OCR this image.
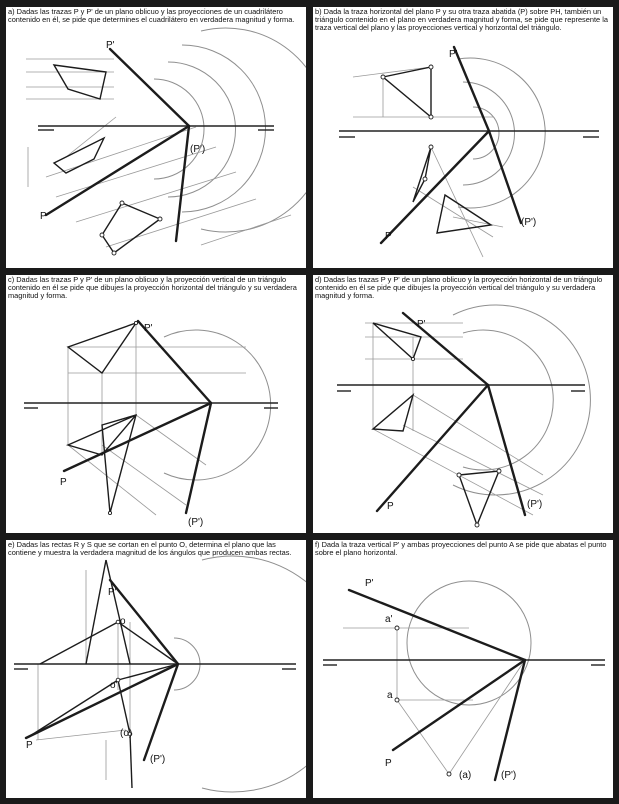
a) Dadas las trazas P y P' de un plano oblicuo y las proyecciones de un cuadrilátero contenido en él, se pide que determines el cuadrilátero en verdadera magnitud y forma.

P'
(P')
P

b) Dada la traza horizontal del plano P y su otra traza abatida (P) sobre PH, también un triángulo contenido en el plano en verdadera magnitud y forma, se pide que represente la traza vertical del plano y las proyecciones vertical y horizontal del triángulo.

P'
(P')
P

c) Dadas las trazas P y P' de un plano oblicuo y la proyección vertical de un triángulo contenido en él se pide que dibujes la proyección horizontal del triángulo y su verdadera magnitud y forma.

P'
(P')
P

d) Dadas las trazas P y P' de un plano oblicuo y la proyección horizontal de un triángulo contenido en él se pide que dibujes la proyección vertical del triángulo y su verdadera magnitud y forma.

P'
(P')
P

e) Dadas las rectas R y S que se cortan en el punto O, determina el plano que las contiene y muestra la verdadera magnitud de los ángulos que producen ambas rectas.

P'
o
o'
(o)
(P')
P

f) Dada la traza vertical P' y ambas proyecciones del punto A se pide que abatas el punto sobre el plano horizontal.

P'
a'
a
(a)	(P')
P
